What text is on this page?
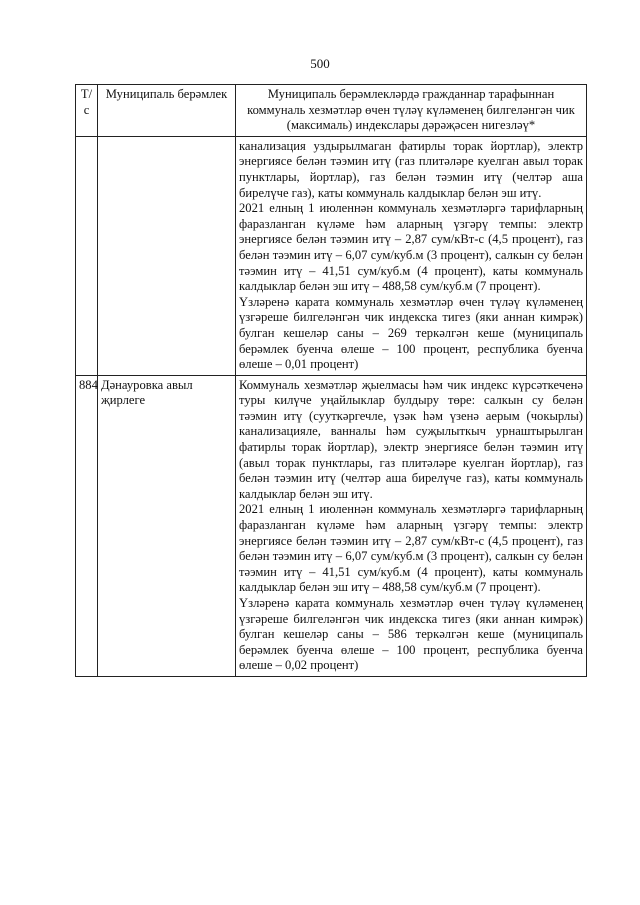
500
Т/с	Муниципаль берәмлек	Муниципаль берәмлекләрдә гражданнар тарафыннан коммуналь хезмәтләр өчен түләү күләменең билгеләнгән чик (максималь) индекслары дәрәҗәсен нигезләү*

		канализация уздырылмаган фатирлы торак йортлар), электр энергиясе белән тәэмин итү (газ плитәләре куелган авыл торак пунктлары, йортлар), газ белән тәэмин итү (челтәр аша бирелүче газ), каты коммуналь калдыклар белән эш итү.

2021 елның 1 июленнән коммуналь хезмәтләргә тарифларның фаразланган күләме һәм аларның үзгәрү темпы: электр энергиясе белән тәэмин итү – 2,87 сум/кВт-с (4,5 процент), газ белән тәэмин итү – 6,07 сум/куб.м (3 процент), салкын су белән тәэмин итү – 41,51 сум/куб.м (4 процент), каты коммуналь калдыклар белән эш итү – 488,58 сум/куб.м (7 процент).

Үзләренә карата коммуналь хезмәтләр өчен түләү күләменең үзгәреше билгеләнгән чик индекска тигез (яки аннан кимрәк) булган кешеләр саны – 269 теркәлгән кеше (муниципаль берәмлек буенча өлеше – 100 процент, республика буенча өлеше – 0,01 процент)

884	Дәнауровка авыл җирлеге	Коммуналь хезмәтләр җыелмасы һәм чик индекс күрсәткеченә туры килүче уңайлыклар булдыру төре: салкын су белән тәэмин итү (сууткәргечле, үзәк һәм үзенә аерым (чокырлы) канализацияле, ванналы һәм суҗылыткыч урнаштырылган фатирлы торак йортлар), электр энергиясе белән тәэмин итү (авыл торак пунктлары, газ плитәләре куелган йортлар), газ белән тәэмин итү (челтәр аша бирелүче газ), каты коммуналь калдыклар белән эш итү.

2021 елның 1 июленнән коммуналь хезмәтләргә тарифларның фаразланган күләме һәм аларның үзгәрү темпы: электр энергиясе белән тәэмин итү – 2,87 сум/кВт-с (4,5 процент), газ белән тәэмин итү – 6,07 сум/куб.м (3 процент), салкын су белән тәэмин итү – 41,51 сум/куб.м (4 процент), каты коммуналь калдыклар белән эш итү – 488,58 сум/куб.м (7 процент).

Үзләренә карата коммуналь хезмәтләр өчен түләү күләменең үзгәреше билгеләнгән чик индекска тигез (яки аннан кимрәк) булган кешеләр саны – 586 теркәлгән кеше (муниципаль берәмлек буенча өлеше – 100 процент, республика буенча өлеше – 0,02 процент)
